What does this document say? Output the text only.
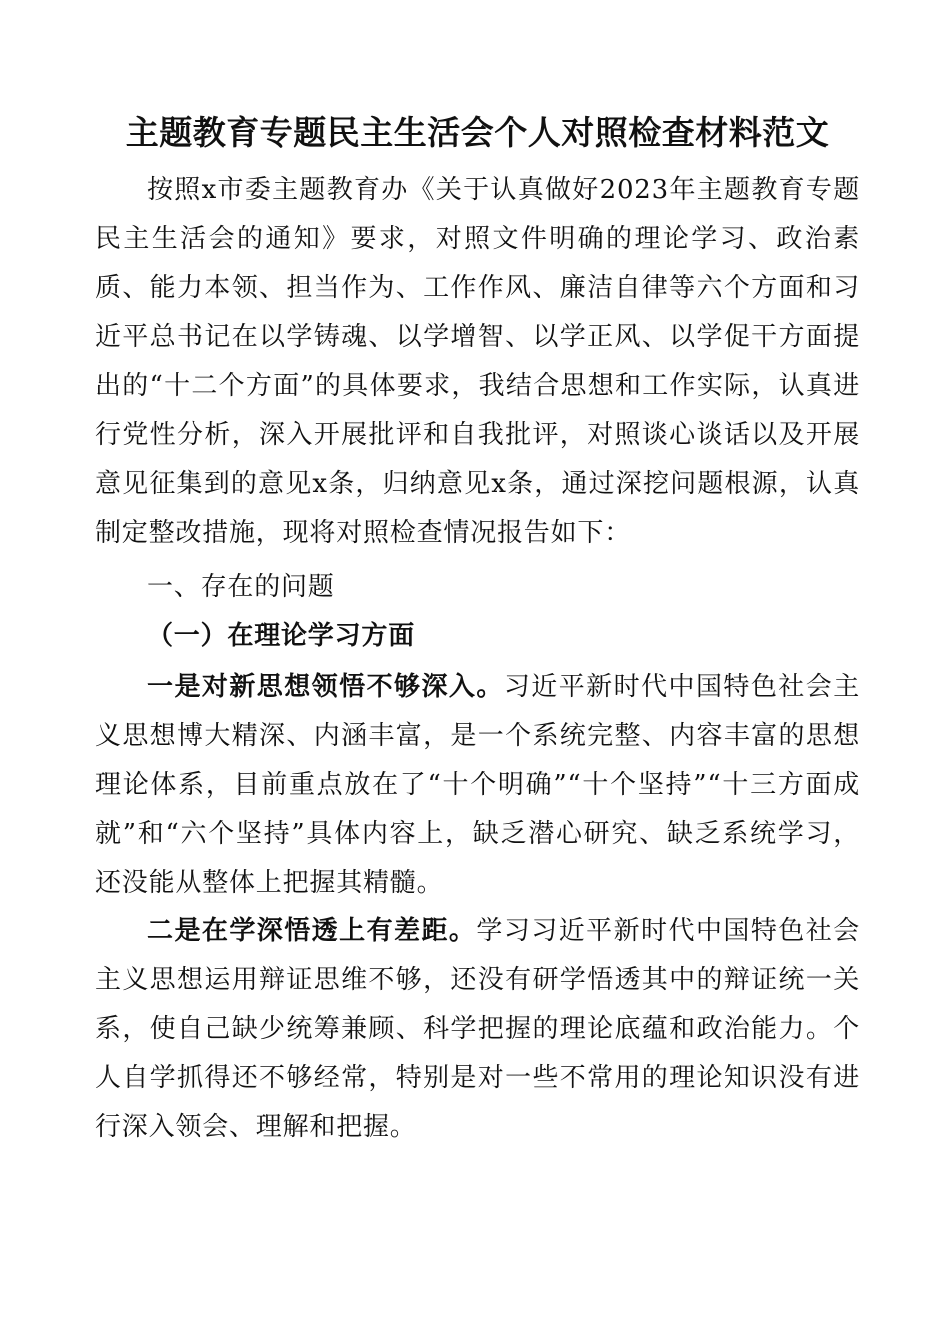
主题教育专题民主生活会个人对照检查材料范文

按照x市委主题教育办《关于认真做好2023年主题教育专题民主生活会的通知》要求，对照文件明确的理论学习、政治素质、能力本领、担当作为、工作作风、廉洁自律等六个方面和习近平总书记在以学铸魂、以学增智、以学正风、以学促干方面提出的“十二个方面”的具体要求，我结合思想和工作实际，认真进行党性分析，深入开展批评和自我批评，对照谈心谈话以及开展意见征集到的意见x条，归纳意见x条，通过深挖问题根源，认真制定整改措施，现将对照检查情况报告如下：

一、存在的问题

（一）在理论学习方面

一是对新思想领悟不够深入。习近平新时代中国特色社会主义思想博大精深、内涵丰富，是一个系统完整、内容丰富的思想理论体系，目前重点放在了“十个明确”“十个坚持”“十三方面成就”和“六个坚持”具体内容上，缺乏潜心研究、缺乏系统学习，还没能从整体上把握其精髓。

二是在学深悟透上有差距。学习习近平新时代中国特色社会主义思想运用辩证思维不够，还没有研学悟透其中的辩证统一关系，使自己缺少统筹兼顾、科学把握的理论底蕴和政治能力。个人自学抓得还不够经常，特别是对一些不常用的理论知识没有进行深入领会、理解和把握。
